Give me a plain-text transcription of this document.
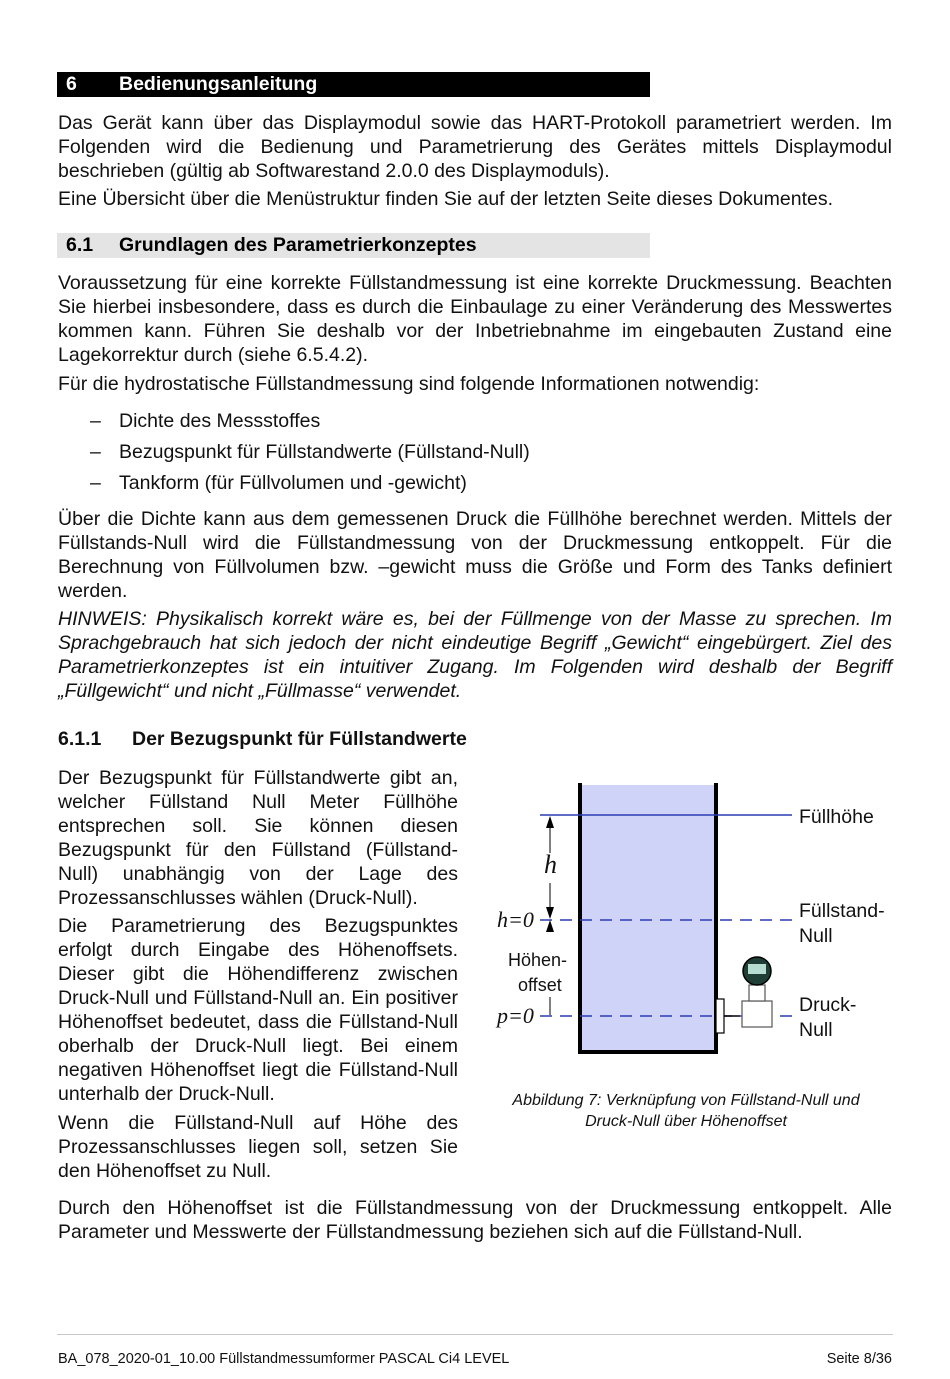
6 Bedienungsanleitung

Das Gerät kann über das Displaymodul sowie das HART-Protokoll parametriert werden. Im Folgenden wird die Bedienung und Parametrierung des Gerätes mittels Displaymodul beschrieben (gültig ab Softwarestand 2.0.0 des Displaymoduls).

Eine Übersicht über die Menüstruktur finden Sie auf der letzten Seite dieses Dokumentes.

6.1 Grundlagen des Parametrierkonzeptes

Voraussetzung für eine korrekte Füllstandmessung ist eine korrekte Druckmessung. Beachten Sie hierbei insbesondere, dass es durch die Einbaulage zu einer Veränderung des Messwertes kommen kann. Führen Sie deshalb vor der Inbetriebnahme im eingebauten Zustand eine Lagekorrektur durch (siehe 6.5.4.2).

Für die hydrostatische Füllstandmessung sind folgende Informationen notwendig:

– Dichte des Messstoffes
– Bezugspunkt für Füllstandwerte (Füllstand-Null)
– Tankform (für Füllvolumen und -gewicht)

Über die Dichte kann aus dem gemessenen Druck die Füllhöhe berechnet werden. Mittels der Füllstands-Null wird die Füllstandmessung von der Druckmessung entkoppelt. Für die Berechnung von Füllvolumen bzw. –gewicht muss die Größe und Form des Tanks definiert werden.

HINWEIS: Physikalisch korrekt wäre es, bei der Füllmenge von der Masse zu sprechen. Im Sprachgebrauch hat sich jedoch der nicht eindeutige Begriff „Gewicht“ eingebürgert. Ziel des Parametrierkonzeptes ist ein intuitiver Zugang. Im Folgenden wird deshalb der Begriff „Füllgewicht“ und nicht „Füllmasse“ verwendet.

6.1.1 Der Bezugspunkt für Füllstandwerte

Der Bezugspunkt für Füllstandwerte gibt an, welcher Füllstand Null Meter Füllhöhe entsprechen soll. Sie können diesen Bezugspunkt für den Füllstand (Füllstand-Null) unabhängig von der Lage des Prozessanschlusses wählen (Druck-Null).

Die Parametrierung des Bezugspunktes erfolgt durch Eingabe des Höhenoffsets. Dieser gibt die Höhendifferenz zwischen Druck-Null und Füllstand-Null an. Ein positiver Höhenoffset bedeutet, dass die Füllstand-Null oberhalb der Druck-Null liegt. Bei einem negativen Höhenoffset liegt die Füllstand-Null unterhalb der Druck-Null.

Wenn die Füllstand-Null auf Höhe des Prozessanschlusses liegen soll, setzen Sie den Höhenoffset zu Null.

Füllhöhe
Füllstand-
Null
Druck-
Null
h
h=0
p=0
Höhen-
offset
Abbildung 7: Verknüpfung von Füllstand-Null und
Druck-Null über Höhenoffset

Durch den Höhenoffset ist die Füllstandmessung von der Druckmessung entkoppelt. Alle Parameter und Messwerte der Füllstandmessung beziehen sich auf die Füllstand-Null.

BA_078_2020-01_10.00 Füllstandmessumformer PASCAL Ci4 LEVEL	Seite 8/36
